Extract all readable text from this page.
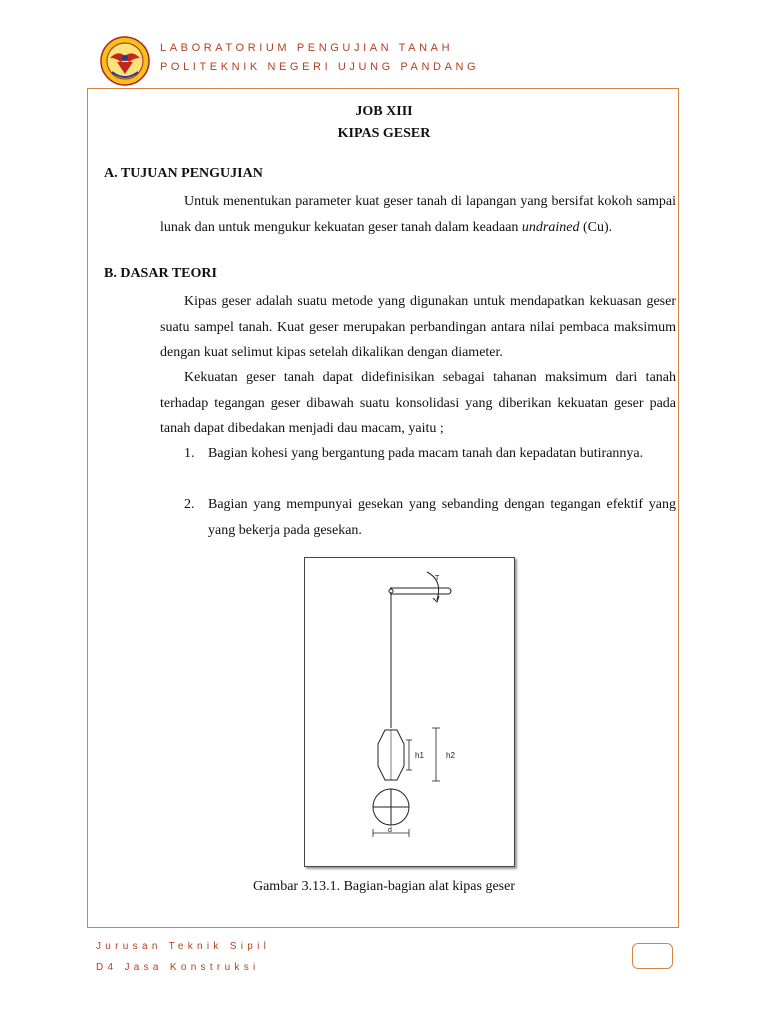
LABORATORIUM PENGUJIAN TANAH
POLITEKNIK NEGERI UJUNG PANDANG
JOB XIII
KIPAS GESER
A. TUJUAN PENGUJIAN

Untuk menentukan parameter kuat geser tanah di lapangan yang bersifat kokoh sampai lunak dan untuk mengukur kekuatan geser tanah dalam keadaan undrained (Cu).

B. DASAR TEORI

Kipas geser adalah suatu metode yang digunakan untuk mendapatkan kekuasan geser suatu sampel tanah. Kuat geser merupakan perbandingan antara nilai pembaca maksimum dengan kuat selimut kipas setelah dikalikan dengan diameter.

Kekuatan geser tanah dapat didefinisikan sebagai tahanan maksimum dari tanah terhadap tegangan geser dibawah suatu konsolidasi yang diberikan kekuatan geser pada tanah dapat dibedakan menjadi dau macam, yaitu ;

1. Bagian kohesi yang bergantung pada macam tanah dan kepadatan butirannya.
2. Bagian yang mempunyai gesekan yang sebanding dengan tegangan efektif yang yang bekerja pada gesekan.
T
h1	h2
d
Gambar 3.13.1. Bagian-bagian alat kipas geser
Jurusan Teknik Sipil
D4 Jasa Konstruksi
